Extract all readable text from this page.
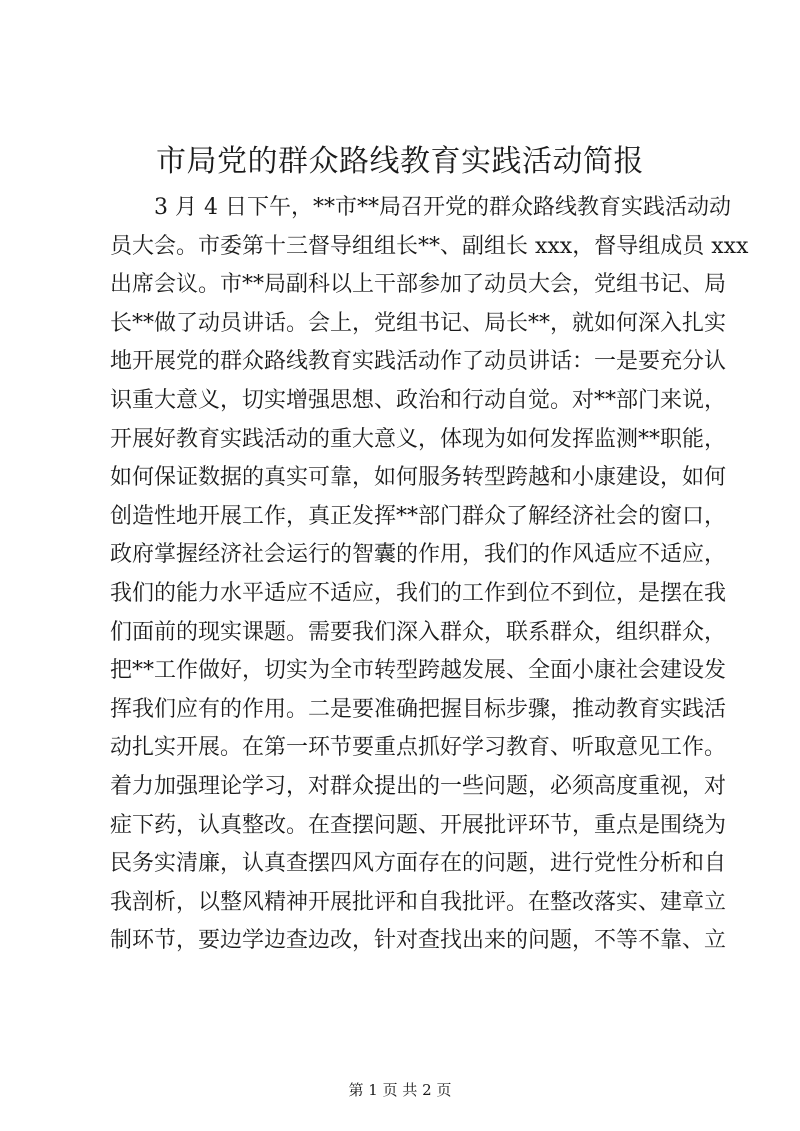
市局党的群众路线教育实践活动简报
3 月 4 日下午，**市**局召开党的群众路线教育实践活动动
员大会。市委第十三督导组组长**、副组长 xxx，督导组成员 xxx
出席会议。市**局副科以上干部参加了动员大会，党组书记、局
长**做了动员讲话。会上，党组书记、局长**，就如何深入扎实
地开展党的群众路线教育实践活动作了动员讲话：一是要充分认
识重大意义，切实增强思想、政治和行动自觉。对**部门来说，
开展好教育实践活动的重大意义，体现为如何发挥监测**职能，
如何保证数据的真实可靠，如何服务转型跨越和小康建设，如何
创造性地开展工作，真正发挥**部门群众了解经济社会的窗口，
政府掌握经济社会运行的智囊的作用，我们的作风适应不适应，
我们的能力水平适应不适应，我们的工作到位不到位，是摆在我
们面前的现实课题。需要我们深入群众，联系群众，组织群众，
把**工作做好，切实为全市转型跨越发展、全面小康社会建设发
挥我们应有的作用。二是要准确把握目标步骤，推动教育实践活
动扎实开展。在第一环节要重点抓好学习教育、听取意见工作。
着力加强理论学习，对群众提出的一些问题，必须高度重视，对
症下药，认真整改。在查摆问题、开展批评环节，重点是围绕为
民务实清廉，认真查摆四风方面存在的问题，进行党性分析和自
我剖析，以整风精神开展批评和自我批评。在整改落实、建章立
制环节，要边学边查边改，针对查找出来的问题，不等不靠、立
第 1 页 共 2 页
